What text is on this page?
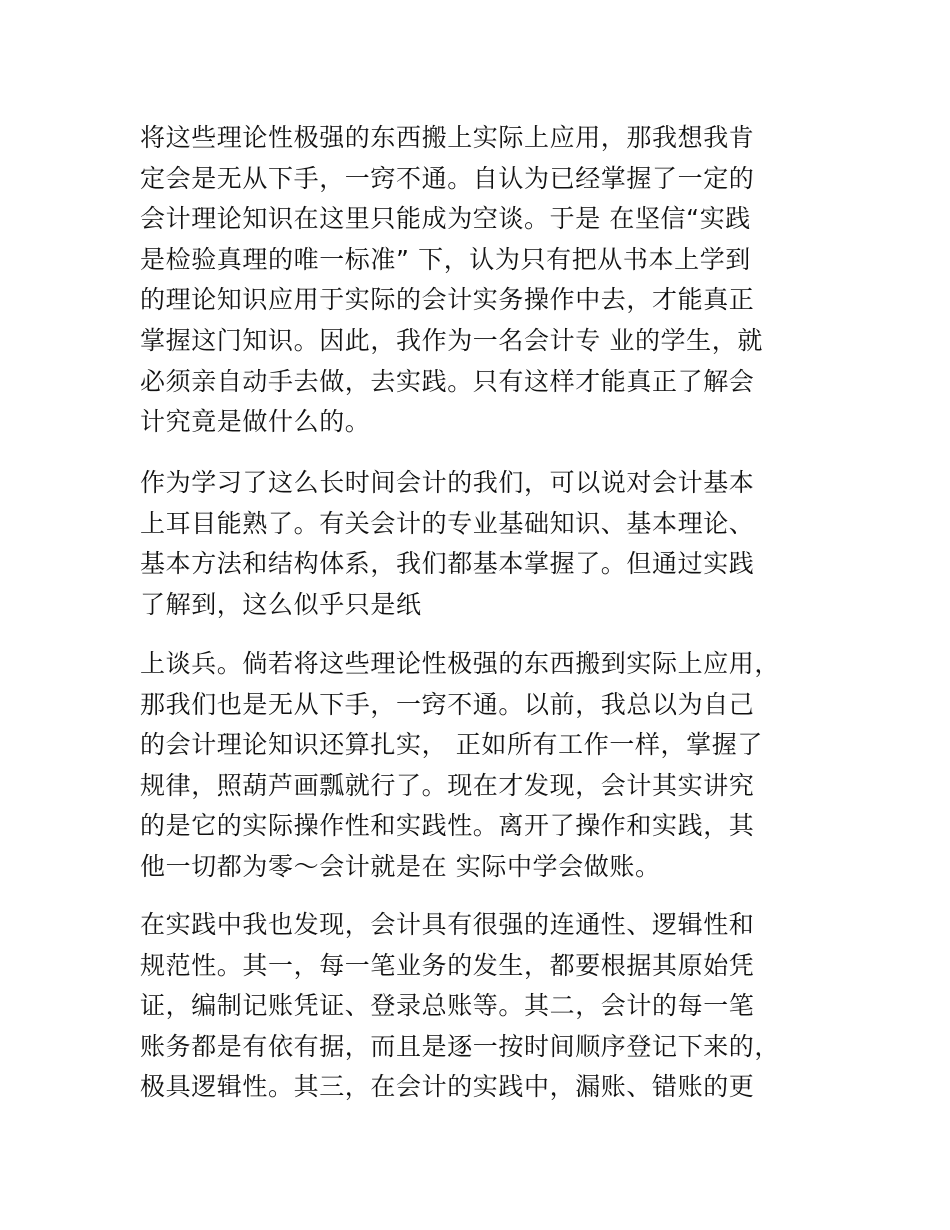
将这些理论性极强的东西搬上实际上应用，那我想我肯
定会是无从下手，一窍不通。自认为已经掌握了一定的
会计理论知识在这里只能成为空谈。于是 在坚信“实践
是检验真理的唯一标准” 下，认为只有把从书本上学到
的理论知识应用于实际的会计实务操作中去，才能真正
掌握这门知识。因此，我作为一名会计专 业的学生，就
必须亲自动手去做，去实践。只有这样才能真正了解会
计究竟是做什么的。

作为学习了这么长时间会计的我们，可以说对会计基本
上耳目能熟了。有关会计的专业基础知识、基本理论、
基本方法和结构体系，我们都基本掌握了。但通过实践
了解到，这么似乎只是纸

上谈兵。倘若将这些理论性极强的东西搬到实际上应用，
那我们也是无从下手，一窍不通。以前，我总以为自己
的会计理论知识还算扎实， 正如所有工作一样，掌握了
规律，照葫芦画瓢就行了。现在才发现，会计其实讲究
的是它的实际操作性和实践性。离开了操作和实践，其
他一切都为零～会计就是在 实际中学会做账。

在实践中我也发现，会计具有很强的连通性、逻辑性和
规范性。其一，每一笔业务的发生，都要根据其原始凭
证，编制记账凭证、登录总账等。其二，会计的每一笔
账务都是有依有据，而且是逐一按时间顺序登记下来的，
极具逻辑性。其三，在会计的实践中，漏账、错账的更
